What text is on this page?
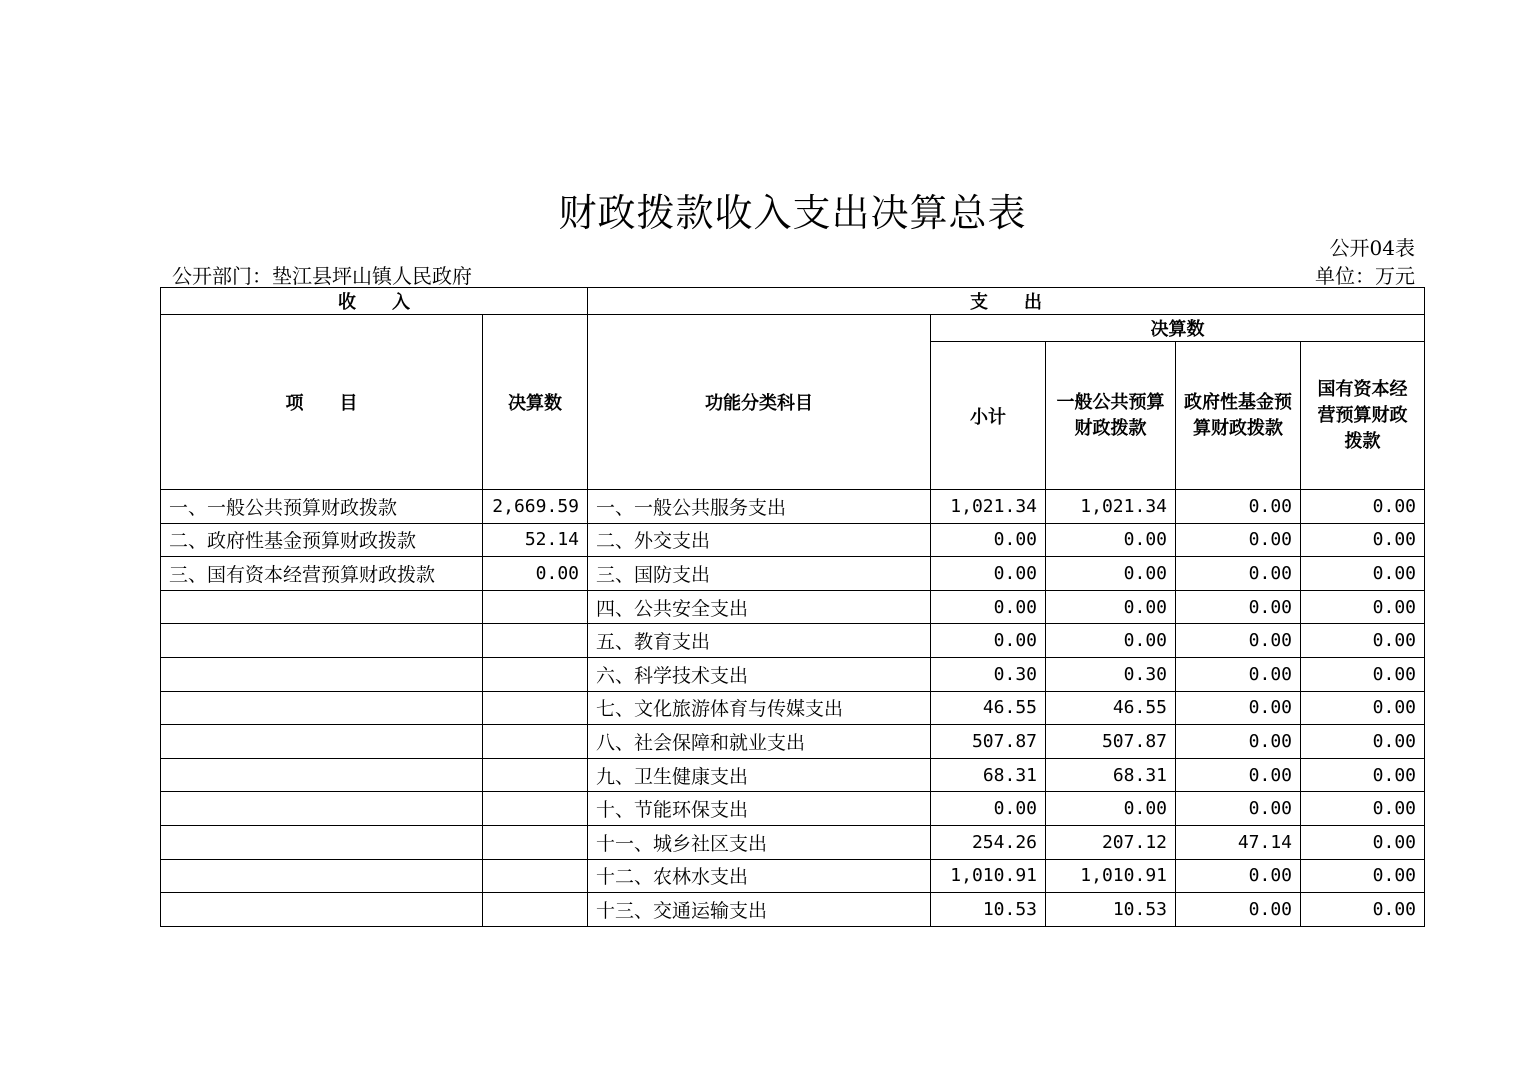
财政拨款收入支出决算总表
公开04表
公开部门：垫江县坪山镇人民政府	单位：万元
收　　入		支　　出				
项　　目	决算数	功能分类科目	决算数			
			小计	一般公共预算财政拨款	政府性基金预算财政拨款	国有资本经营预算财政拨款
一、一般公共预算财政拨款	2,669.59	一、一般公共服务支出	1,021.34	1,021.34	0.00	0.00
二、政府性基金预算财政拨款	52.14	二、外交支出	0.00	0.00	0.00	0.00
三、国有资本经营预算财政拨款	0.00	三、国防支出	0.00	0.00	0.00	0.00
		四、公共安全支出	0.00	0.00	0.00	0.00
		五、教育支出	0.00	0.00	0.00	0.00
		六、科学技术支出	0.30	0.30	0.00	0.00
		七、文化旅游体育与传媒支出	46.55	46.55	0.00	0.00
		八、社会保障和就业支出	507.87	507.87	0.00	0.00
		九、卫生健康支出	68.31	68.31	0.00	0.00
		十、节能环保支出	0.00	0.00	0.00	0.00
		十一、城乡社区支出	254.26	207.12	47.14	0.00
		十二、农林水支出	1,010.91	1,010.91	0.00	0.00
		十三、交通运输支出	10.53	10.53	0.00	0.00
